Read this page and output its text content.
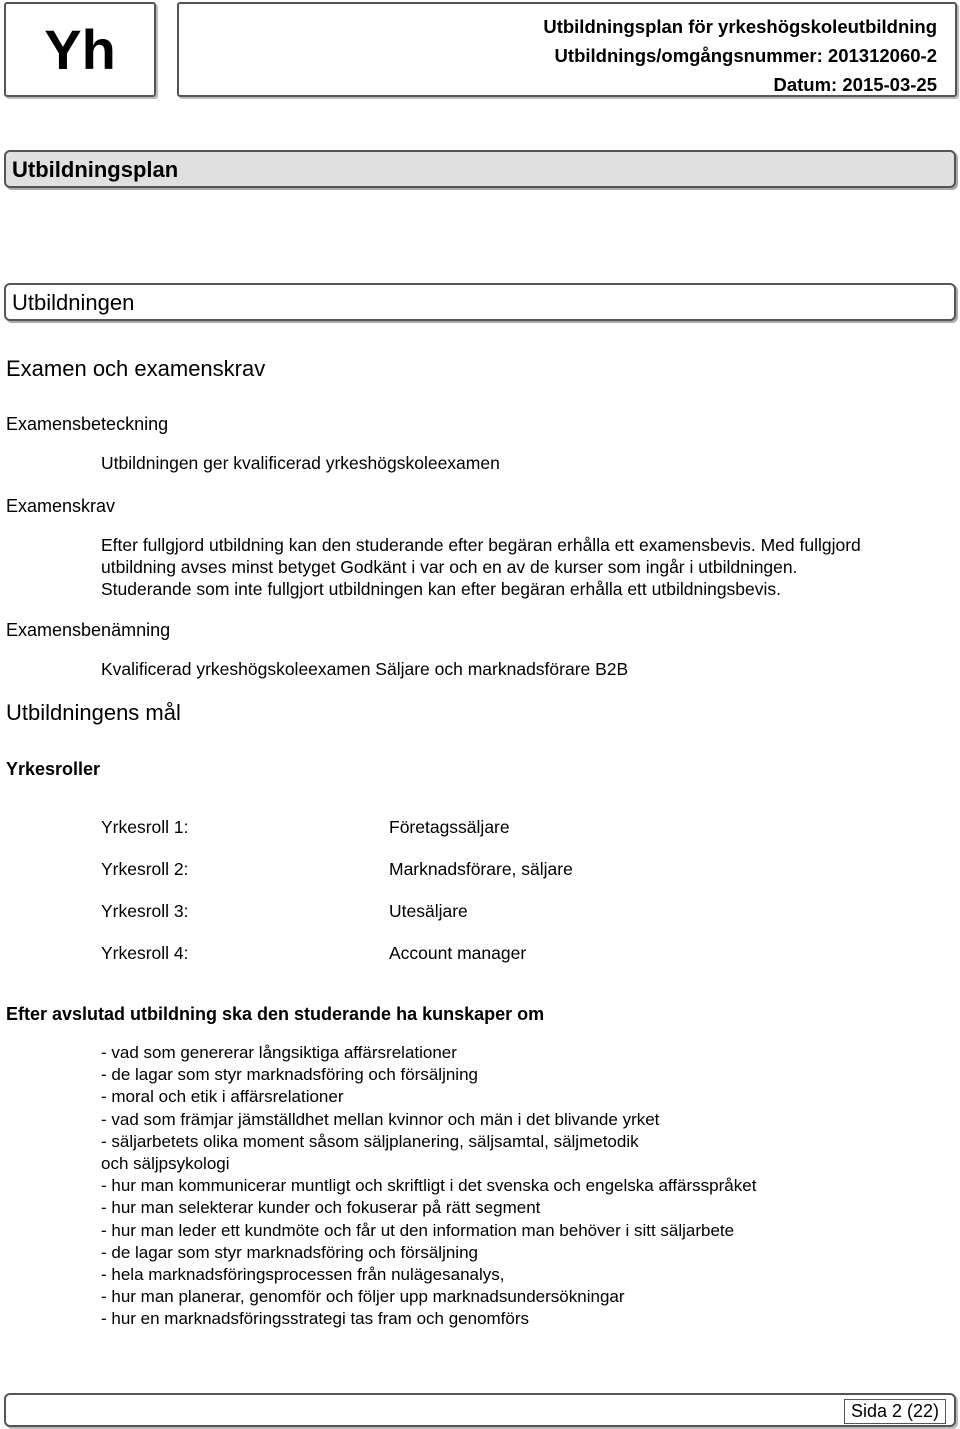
Yh	Utbildningsplan för yrkeshögskoleutbildning
Utbildnings/omgångsnummer: 201312060-2
Datum: 2015-03-25
Utbildningsplan
Utbildningen
Examen och examenskrav
Examensbeteckning
Utbildningen ger kvalificerad yrkeshögskoleexamen
Examenskrav
Efter fullgjord utbildning kan den studerande efter begäran erhålla ett examensbevis. Med fullgjord
utbildning avses minst betyget Godkänt i var och en av de kurser som ingår i utbildningen.
Studerande som inte fullgjort utbildningen kan efter begäran erhålla ett utbildningsbevis.
Examensbenämning
Kvalificerad yrkeshögskoleexamen Säljare och marknadsförare B2B
Utbildningens mål
Yrkesroller
Yrkesroll 1:	Företagssäljare
Yrkesroll 2:	Marknadsförare, säljare
Yrkesroll 3:	Utesäljare
Yrkesroll 4:	Account manager
Efter avslutad utbildning ska den studerande ha kunskaper om
- vad som genererar långsiktiga affärsrelationer
- de lagar som styr marknadsföring och försäljning
- moral och etik i affärsrelationer
- vad som främjar jämställdhet mellan kvinnor och män i det blivande yrket
- säljarbetets olika moment såsom säljplanering, säljsamtal, säljmetodik
och säljpsykologi
- hur man kommunicerar muntligt och skriftligt i det svenska och engelska affärsspråket
- hur man selekterar kunder och fokuserar på rätt segment
- hur man leder ett kundmöte och får ut den information man behöver i sitt säljarbete
- de lagar som styr marknadsföring och försäljning
- hela marknadsföringsprocessen från nulägesanalys,
- hur man planerar, genomför och följer upp marknadsundersökningar
- hur en marknadsföringsstrategi tas fram och genomförs
Sida 2 (22)
